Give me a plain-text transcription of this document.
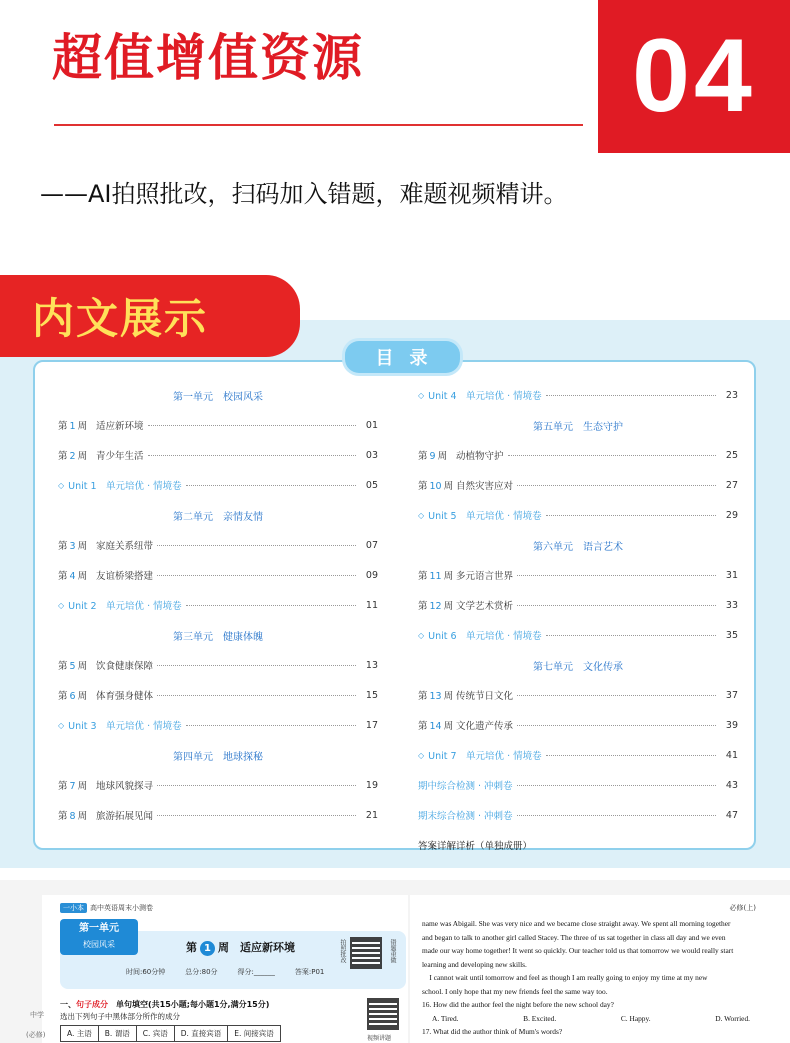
超值增值资源	04
——AI拍照批改，扫码加入错题，难题视频精讲。
内文展示
目录
第一单元　校园风采
第 1 周 适应新环境	01
第 2 周 青少年生活	03
◇ Unit 1　单元培优 · 情境卷	05
第二单元　亲情友情
第 3 周 家庭关系纽带	07
第 4 周 友谊桥梁搭建	09
◇ Unit 2　单元培优 · 情境卷	11
第三单元　健康体魄
第 5 周 饮食健康保障	13
第 6 周 体育强身健体	15
◇ Unit 3　单元培优 · 情境卷	17
第四单元　地球探秘
第 7 周 地球风貌探寻	19
第 8 周 旅游拓展见闻	21
◇ Unit 4　单元培优 · 情境卷	23
第五单元　生态守护
第 9 周 动植物守护	25
第 10 周 自然灾害应对	27
◇ Unit 5　单元培优 · 情境卷	29
第六单元　语言艺术
第 11 周 多元语言世界	31
第 12 周 文学艺术赏析	33
◇ Unit 6　单元培优 · 情境卷	35
第七单元　文化传承
第 13 周 传统节日文化	37
第 14 周 文化遗产传承	39
◇ Unit 7　单元培优 · 情境卷	41
期中综合检测 · 冲刺卷	43
期末综合检测 · 冲刺卷	47
答案详解详析（单独成册）
一小本 高中英语周末小测卷
第一单元
校园风采	第 1 周　适应新环境	拍照批改	错题重做
时间:60分钟	总分:80分	得分:______	答案:P01
一、句子成分　单句填空(共15小题;每小题1分,满分15分)
选出下列句子中黑体部分所作的成分
A. 主语	B. 谓语	C. 宾语	D. 直接宾语	E. 间接宾语
视频讲题
必修(上)
name was Abigail. She was very nice and we became close straight away. We spent all morning together
and began to talk to another girl called Stacey. The three of us sat together in class all day and we even
made our way home together! It went so quickly. Our teacher told us that tomorrow we would really start
learning and developing new skills.
　I cannot wait until tomorrow and feel as though I am really going to enjoy my time at my new
school. I only hope that my new friends feel the same way too.
16. How did the author feel the night before the new school day?
A. Tired.	B. Excited.	C. Happy.	D. Worried.
17. What did the author think of Mum's words?
中学
(必修)
